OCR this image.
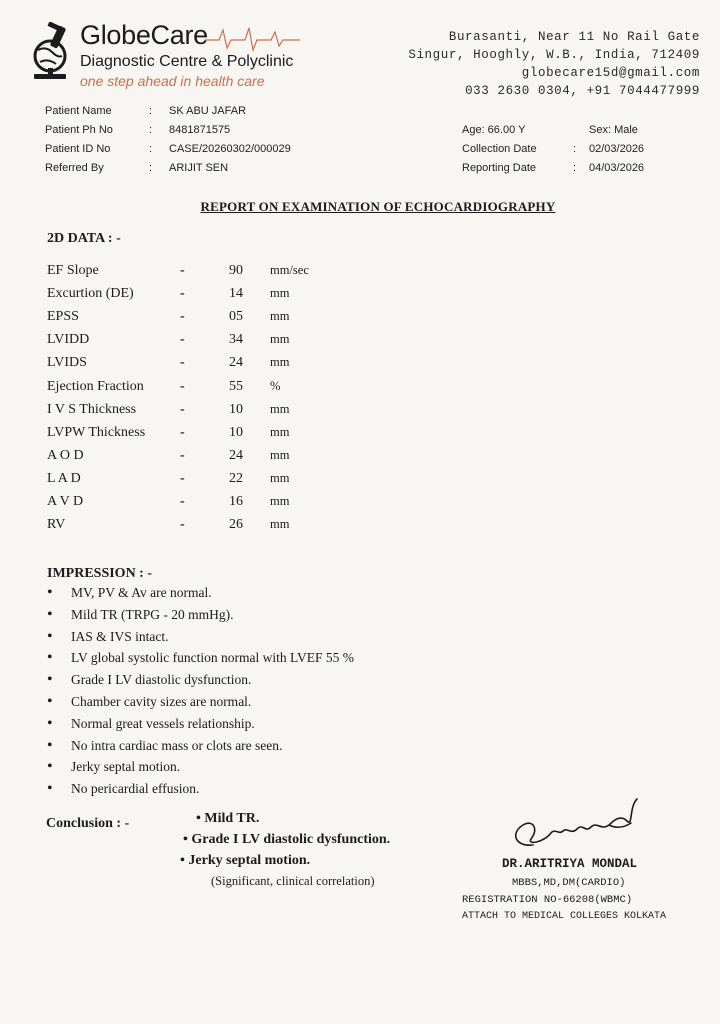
GlobeCare
Diagnostic Centre & Polyclinic
one step ahead in health care
Burasanti, Near 11 No Rail Gate
Singur, Hooghly, W.B., India, 712409
globecare15d@gmail.com
033 2630 0304, +91 7044477999
Patient Name	: SK ABU JAFAR
Patient Ph No	: 8481871575
Patient ID No	: CASE/20260302/000029
Referred By	: ARIJIT SEN
Age: 66.00 Y	Sex: Male
Collection Date	: 02/03/2026
Reporting Date	: 04/03/2026
REPORT ON EXAMINATION OF ECHOCARDIOGRAPHY
2D DATA : -
EF Slope	-	90	mm/sec
Excurtion (DE)	-	14	mm
EPSS	-	05	mm
LVIDD	-	34	mm
LVIDS	-	24	mm
Ejection Fraction	-	55	%
I V S Thickness	-	10	mm
LVPW Thickness -	10	mm
A O D	-	24	mm
L A D	-	22	mm
A V D	-	16	mm
RV	-	26	mm
IMPRESSION : -
• MV, PV & Av are normal.
• Mild TR (TRPG - 20 mmHg).
• IAS & IVS intact.
• LV global systolic function normal with LVEF 55 %
• Grade I LV diastolic dysfunction.
• Chamber cavity sizes are normal.
• Normal great vessels relationship.
• No intra cardiac mass or clots are seen.
• Jerky septal motion.
• No pericardial effusion.
Conclusion : -	• Mild TR.
• Grade I LV diastolic dysfunction.
• Jerky septal motion.
(Significant, clinical correlation)
DR.ARITRIYA MONDAL
MBBS,MD,DM(CARDIO)
REGISTRATION NO-66208(WBMC)
ATTACH TO MEDICAL COLLEGES KOLKATA
